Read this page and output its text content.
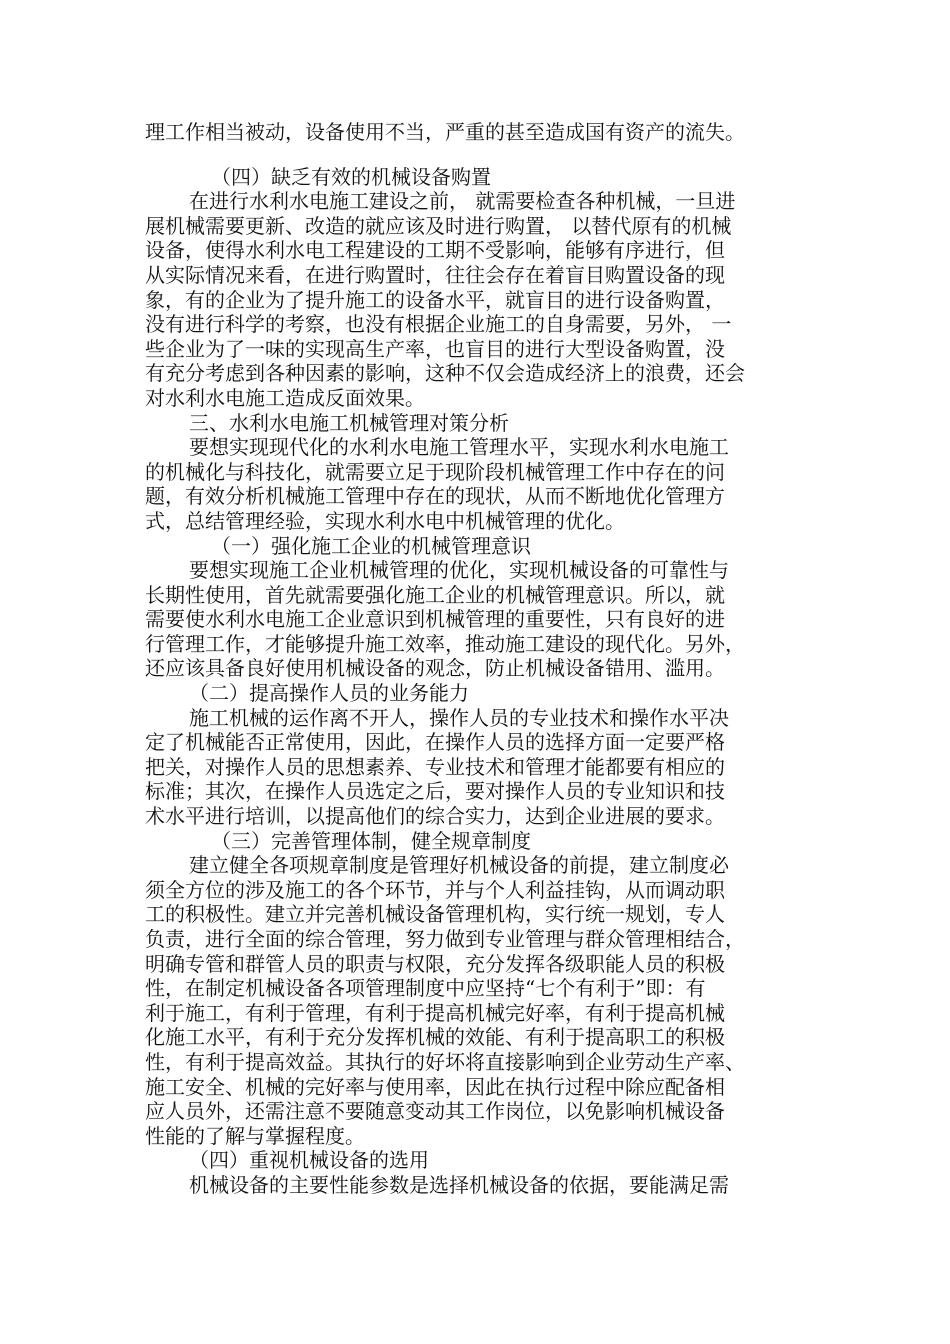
理工作相当被动，设备使用不当，严重的甚至造成国有资产的流失。
（四）缺乏有效的机械设备购置
在进行水利水电施工建设之前， 就需要检查各种机械，一旦进
展机械需要更新、改造的就应该及时进行购置， 以替代原有的机械
设备，使得水利水电工程建设的工期不受影响，能够有序进行，但
从实际情况来看，在进行购置时，往往会存在着盲目购置设备的现
象，有的企业为了提升施工的设备水平，就盲目的进行设备购置，
没有进行科学的考察，也没有根据企业施工的自身需要，另外， 一
些企业为了一味的实现高生产率，也盲目的进行大型设备购置，没
有充分考虑到各种因素的影响，这种不仅会造成经济上的浪费，还会
对水利水电施工造成反面效果。
三、水利水电施工机械管理对策分析
要想实现现代化的水利水电施工管理水平，实现水利水电施工
的机械化与科技化，就需要立足于现阶段机械管理工作中存在的问
题，有效分析机械施工管理中存在的现状，从而不断地优化管理方
式，总结管理经验，实现水利水电中机械管理的优化。
（一）强化施工企业的机械管理意识
要想实现施工企业机械管理的优化，实现机械设备的可靠性与
长期性使用，首先就需要强化施工企业的机械管理意识。所以，就
需要使水利水电施工企业意识到机械管理的重要性，只有良好的进
行管理工作，才能够提升施工效率，推动施工建设的现代化。另外，
还应该具备良好使用机械设备的观念，防止机械设备错用、滥用。
（二）提高操作人员的业务能力
施工机械的运作离不开人，操作人员的专业技术和操作水平决
定了机械能否正常使用，因此，在操作人员的选择方面一定要严格
把关，对操作人员的思想素养、专业技术和管理才能都要有相应的
标准；其次，在操作人员选定之后，要对操作人员的专业知识和技
术水平进行培训，以提高他们的综合实力，达到企业进展的要求。
（三）完善管理体制，健全规章制度
建立健全各项规章制度是管理好机械设备的前提，建立制度必
须全方位的涉及施工的各个环节，并与个人利益挂钩，从而调动职
工的积极性。建立并完善机械设备管理机构，实行统一规划，专人
负责，进行全面的综合管理，努力做到专业管理与群众管理相结合，
明确专管和群管人员的职责与权限，充分发挥各级职能人员的积极
性，在制定机械设备各项管理制度中应坚持“七个有利于”即：有
利于施工，有利于管理，有利于提高机械完好率，有利于提高机械
化施工水平，有利于充分发挥机械的效能、有利于提高职工的积极
性，有利于提高效益。其执行的好坏将直接影响到企业劳动生产率、
施工安全、机械的完好率与使用率，因此在执行过程中除应配备相
应人员外，还需注意不要随意变动其工作岗位，以免影响机械设备
性能的了解与掌握程度。
（四）重视机械设备的选用
机械设备的主要性能参数是选择机械设备的依据，要能满足需
